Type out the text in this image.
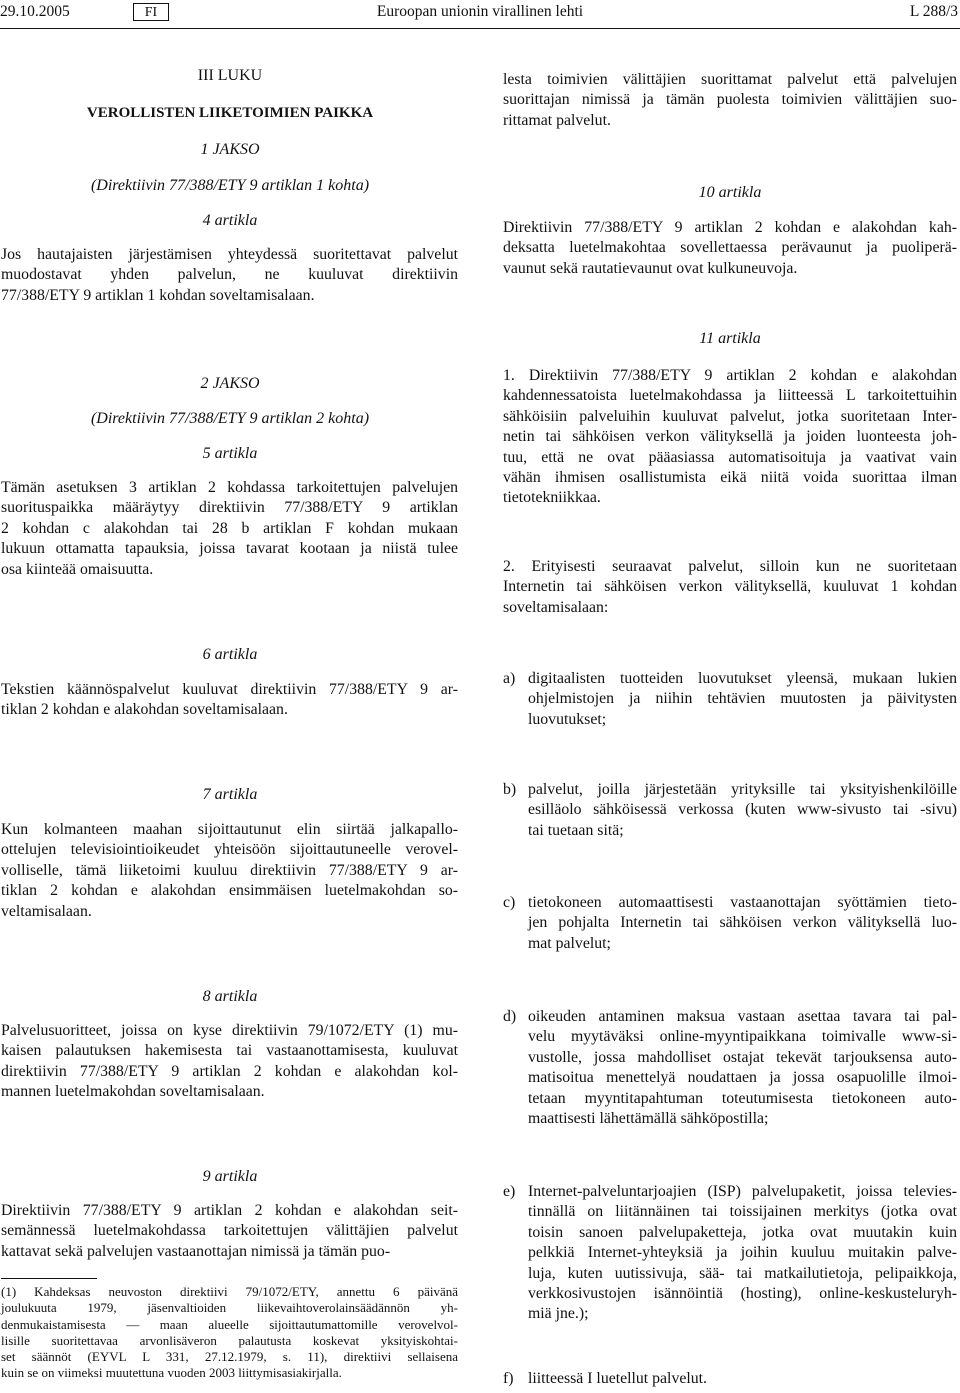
29.10.2005	FI	Euroopan unionin virallinen lehti	L 288/3
III LUKU
VEROLLISTEN LIIKETOIMIEN PAIKKA
1 JAKSO
(Direktiivin 77/388/ETY 9 artiklan 1 kohta)
4 artikla
Jos hautajaisten järjestämisen yhteydessä suoritettavat palvelut
muodostavat yhden palvelun, ne kuuluvat direktiivin
77/388/ETY 9 artiklan 1 kohdan soveltamisalaan.
2 JAKSO
(Direktiivin 77/388/ETY 9 artiklan 2 kohta)
5 artikla
Tämän asetuksen 3 artiklan 2 kohdassa tarkoitettujen palvelujen
suorituspaikka määräytyy direktiivin 77/388/ETY 9 artiklan
2 kohdan c alakohdan tai 28 b artiklan F kohdan mukaan
lukuun ottamatta tapauksia, joissa tavarat kootaan ja niistä tulee
osa kiinteää omaisuutta.
6 artikla
Tekstien käännöspalvelut kuuluvat direktiivin 77/388/ETY 9 ar-
tiklan 2 kohdan e alakohdan soveltamisalaan.
7 artikla
Kun kolmanteen maahan sijoittautunut elin siirtää jalkapallo-
ottelujen televisiointioikeudet yhteisöön sijoittautuneelle verovel-
volliselle, tämä liiketoimi kuuluu direktiivin 77/388/ETY 9 ar-
tiklan 2 kohdan e alakohdan ensimmäisen luetelmakohdan so-
veltamisalaan.
8 artikla
Palvelusuoritteet, joissa on kyse direktiivin 79/1072/ETY (1) mu-
kaisen palautuksen hakemisesta tai vastaanottamisesta, kuuluvat
direktiivin 77/388/ETY 9 artiklan 2 kohdan e alakohdan kol-
mannen luetelmakohdan soveltamisalaan.
9 artikla
Direktiivin 77/388/ETY 9 artiklan 2 kohdan e alakohdan seit-
semännessä luetelmakohdassa tarkoitettujen välittäjien palvelut
kattavat sekä palvelujen vastaanottajan nimissä ja tämän puo-
(1) Kahdeksas neuvoston direktiivi 79/1072/ETY, annettu 6 päivänä
joulukuuta 1979, jäsenvaltioiden liikevaihtoverolainsäädännön yh-
denmukaistamisesta — maan alueelle sijoittautumattomille verovelvol-
lisille suoritettavaa arvonlisäveron palautusta koskevat yksityiskohtai-
set säännöt (EYVL L 331, 27.12.1979, s. 11), direktiivi sellaisena
kuin se on viimeksi muutettuna vuoden 2003 liittymisasiakirjalla.
lesta toimivien välittäjien suorittamat palvelut että palvelujen
suorittajan nimissä ja tämän puolesta toimivien välittäjien suo-
rittamat palvelut.
10 artikla
Direktiivin 77/388/ETY 9 artiklan 2 kohdan e alakohdan kah-
deksatta luetelmakohtaa sovellettaessa perävaunut ja puoliperä-
vaunut sekä rautatievaunut ovat kulkuneuvoja.
11 artikla
1. Direktiivin 77/388/ETY 9 artiklan 2 kohdan e alakohdan
kahdennessatoista luetelmakohdassa ja liitteessä L tarkoitettuihin
sähköisiin palveluihin kuuluvat palvelut, jotka suoritetaan Inter-
netin tai sähköisen verkon välityksellä ja joiden luonteesta joh-
tuu, että ne ovat pääasiassa automatisoituja ja vaativat vain
vähän ihmisen osallistumista eikä niitä voida suorittaa ilman
tietotekniikkaa.
2. Erityisesti seuraavat palvelut, silloin kun ne suoritetaan
Internetin tai sähköisen verkon välityksellä, kuuluvat 1 kohdan
soveltamisalaan:
a) digitaalisten tuotteiden luovutukset yleensä, mukaan lukien
ohjelmistojen ja niihin tehtävien muutosten ja päivitysten
luovutukset;
b) palvelut, joilla järjestetään yrityksille tai yksityishenkilöille
esilläolo sähköisessä verkossa (kuten www-sivusto tai -sivu)
tai tuetaan sitä;
c) tietokoneen automaattisesti vastaanottajan syöttämien tieto-
jen pohjalta Internetin tai sähköisen verkon välityksellä luo-
mat palvelut;
d) oikeuden antaminen maksua vastaan asettaa tavara tai pal-
velu myytäväksi online-myyntipaikkana toimivalle www-si-
vustolle, jossa mahdolliset ostajat tekevät tarjouksensa auto-
matisoitua menettelyä noudattaen ja jossa osapuolille ilmoi-
tetaan myyntitapahtuman toteutumisesta tietokoneen auto-
maattisesti lähettämällä sähköpostilla;
e) Internet-palveluntarjoajien (ISP) palvelupaketit, joissa televies-
tinnällä on liitännäinen tai toissijainen merkitys (jotka ovat
toisin sanoen palvelupaketteja, jotka ovat muutakin kuin
pelkkiä Internet-yhteyksiä ja joihin kuuluu muitakin palve-
luja, kuten uutissivuja, sää- tai matkailutietoja, pelipaikkoja,
verkkosivustojen isännöintiä (hosting), online-keskusteluryh-
miä jne.);
f) liitteessä I luetellut palvelut.
